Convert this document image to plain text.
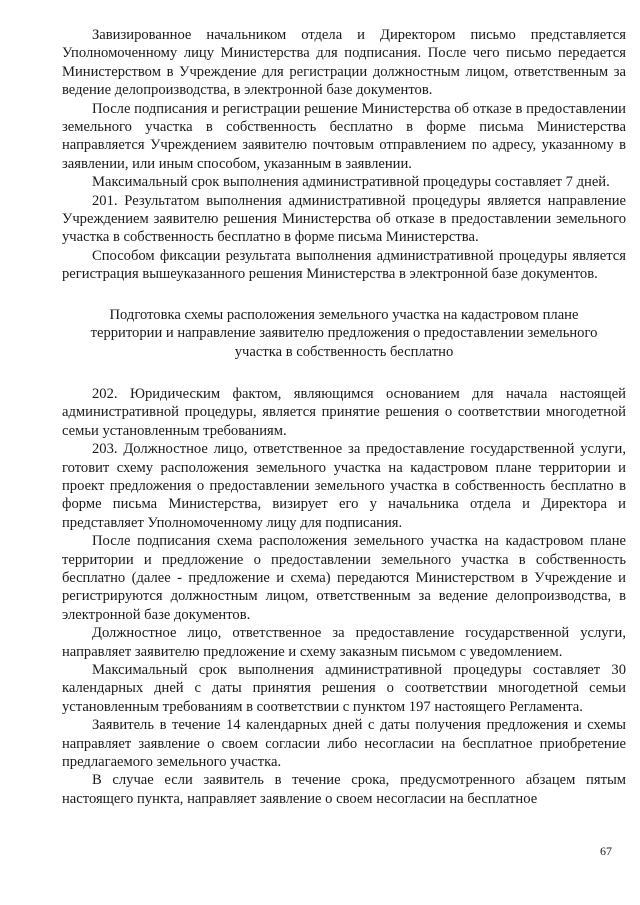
Завизированное начальником отдела и Директором письмо представляется Уполномоченному лицу Министерства для подписания. После чего письмо передается Министерством в Учреждение для регистрации должностным лицом, ответственным за ведение делопроизводства, в электронной базе документов.

После подписания и регистрации решение Министерства об отказе в предоставлении земельного участка в собственность бесплатно в форме письма Министерства направляется Учреждением заявителю почтовым отправлением по адресу, указанному в заявлении, или иным способом, указанным в заявлении.

Максимальный срок выполнения административной процедуры составляет 7 дней.

201. Результатом выполнения административной процедуры является направление Учреждением заявителю решения Министерства об отказе в предоставлении земельного участка в собственность бесплатно в форме письма Министерства.

Способом фиксации результата выполнения административной процедуры является регистрация вышеуказанного решения Министерства в электронной базе документов.

Подготовка схемы расположения земельного участка на кадастровом плане территории и направление заявителю предложения о предоставлении земельного участка в собственность бесплатно

202. Юридическим фактом, являющимся основанием для начала настоящей административной процедуры, является принятие решения о соответствии многодетной семьи установленным требованиям.

203. Должностное лицо, ответственное за предоставление государственной услуги, готовит схему расположения земельного участка на кадастровом плане территории и проект предложения о предоставлении земельного участка в собственность бесплатно в форме письма Министерства, визирует его у начальника отдела и Директора и представляет Уполномоченному лицу для подписания.

После подписания схема расположения земельного участка на кадастровом плане территории и предложение о предоставлении земельного участка в собственность бесплатно (далее - предложение и схема) передаются Министерством в Учреждение и регистрируются должностным лицом, ответственным за ведение делопроизводства, в электронной базе документов.

Должностное лицо, ответственное за предоставление государственной услуги, направляет заявителю предложение и схему заказным письмом с уведомлением.

Максимальный срок выполнения административной процедуры составляет 30 календарных дней с даты принятия решения о соответствии многодетной семьи установленным требованиям в соответствии с пунктом 197 настоящего Регламента.

Заявитель в течение 14 календарных дней с даты получения предложения и схемы направляет заявление о своем согласии либо несогласии на бесплатное приобретение предлагаемого земельного участка.

В случае если заявитель в течение срока, предусмотренного абзацем пятым настоящего пункта, направляет заявление о своем несогласии на бесплатное

67
